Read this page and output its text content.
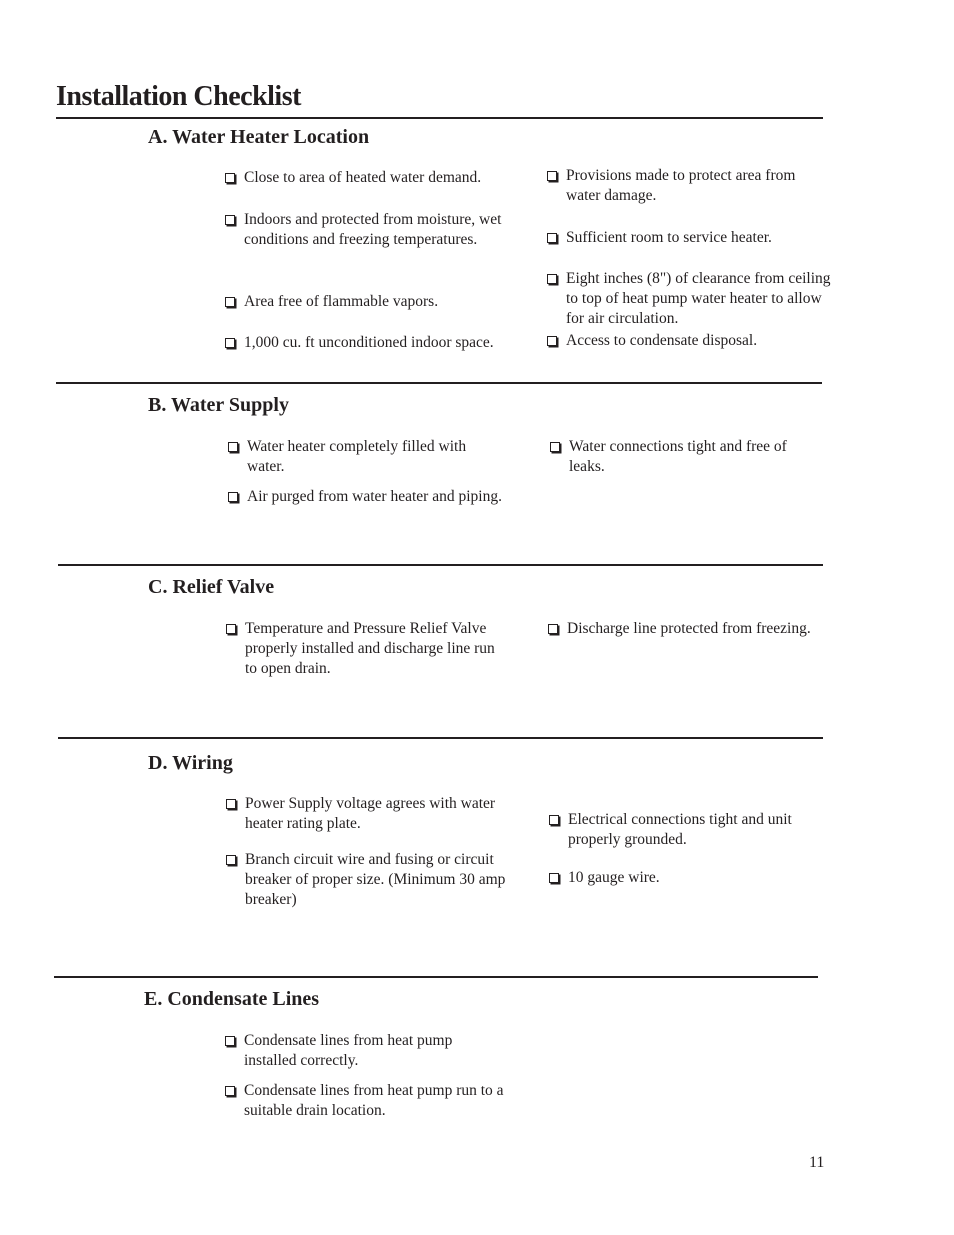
Installation Checklist
A. Water Heater Location
Close to area of heated water demand.
Indoors and protected from moisture, wet conditions and freezing temperatures.
Area free of flammable vapors.
1,000 cu. ft unconditioned indoor space.
Provisions made to protect area from water damage.
Sufficient room to service heater.
Eight inches (8") of clearance from ceiling to top of heat pump water heater to allow for air circulation.
Access to condensate disposal.
B. Water Supply
Water heater completely filled with water.
Air purged from water heater and piping.
Water connections tight and free of leaks.
C. Relief Valve
Temperature and Pressure Relief Valve properly installed and discharge line run to open drain.
Discharge line protected from freezing.
D. Wiring
Power Supply voltage agrees with water heater rating plate.
Branch circuit wire and fusing or circuit breaker of proper size. (Minimum 30 amp breaker)
Electrical connections tight and unit properly grounded.
10 gauge wire.
E. Condensate Lines
Condensate lines from heat pump installed correctly.
Condensate lines from heat pump run to a suitable drain location.
11
